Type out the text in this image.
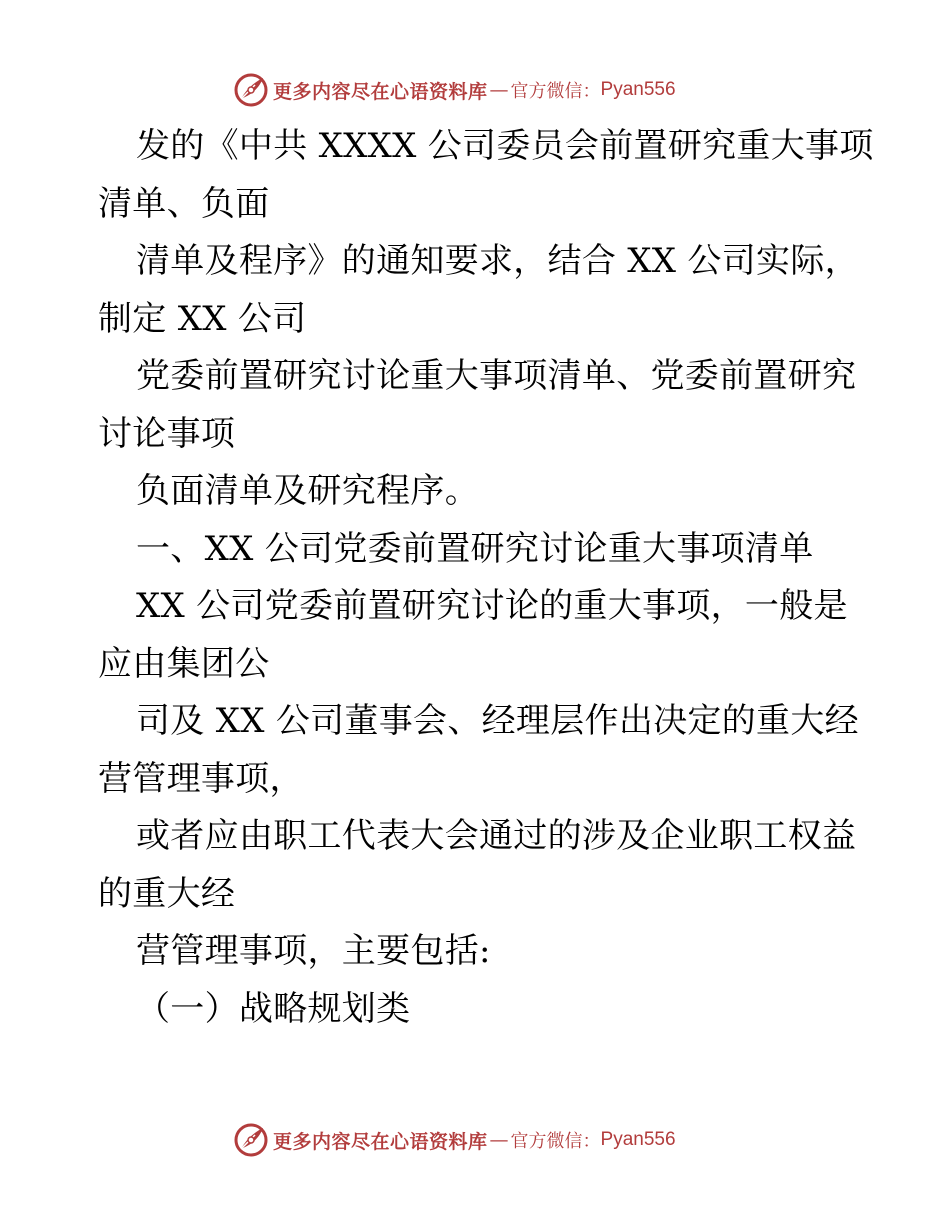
更多内容尽在心语资料库 — 官方微信： Pyan556
发的《中共 XXXX 公司委员会前置研究重大事项
清单、负面
清单及程序》的通知要求，结合 XX 公司实际，
制定 XX 公司
党委前置研究讨论重大事项清单、党委前置研究
讨论事项
负面清单及研究程序。
一、XX 公司党委前置研究讨论重大事项清单
XX 公司党委前置研究讨论的重大事项，一般是
应由集团公
司及 XX 公司董事会、经理层作出决定的重大经
营管理事项，
或者应由职工代表大会通过的涉及企业职工权益
的重大经
营管理事项，主要包括:
（一）战略规划类
更多内容尽在心语资料库 — 官方微信： Pyan556
